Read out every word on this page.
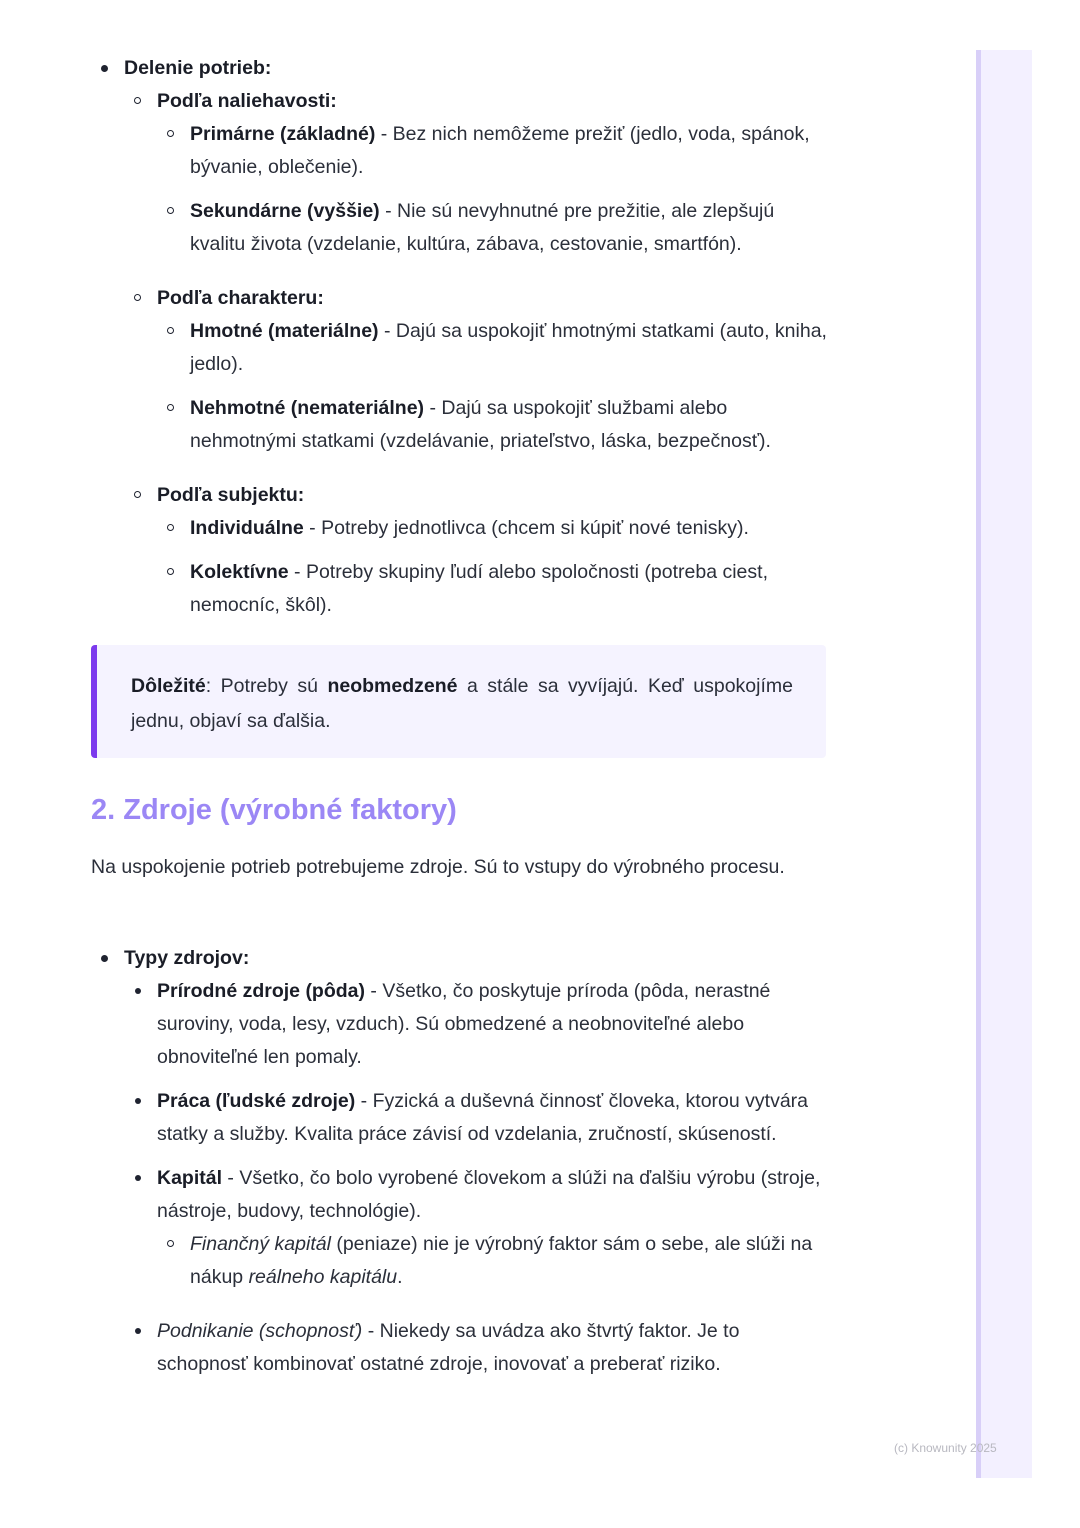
Delenie potrieb:
Podľa naliehavosti:
Primárne (základné) - Bez nich nemôžeme prežiť (jedlo, voda, spánok, bývanie, oblečenie).
Sekundárne (vyššie) - Nie sú nevyhnutné pre prežitie, ale zlepšujú kvalitu života (vzdelanie, kultúra, zábava, cestovanie, smartfón).
Podľa charakteru:
Hmotné (materiálne) - Dajú sa uspokojiť hmotnými statkami (auto, kniha, jedlo).
Nehmotné (nemateriálne) - Dajú sa uspokojiť službami alebo nehmotnými statkami (vzdelávanie, priateľstvo, láska, bezpečnosť).
Podľa subjektu:
Individuálne - Potreby jednotlivca (chcem si kúpiť nové tenisky).
Kolektívne - Potreby skupiny ľudí alebo spoločnosti (potreba ciest, nemocníc, škôl).
Dôležité: Potreby sú neobmedzené a stále sa vyvíjajú. Keď uspokojíme jednu, objaví sa ďalšia.
2. Zdroje (výrobné faktory)

Na uspokojenie potrieb potrebujeme zdroje. Sú to vstupy do výrobného procesu.

Typy zdrojov:
Prírodné zdroje (pôda) - Všetko, čo poskytuje príroda (pôda, nerastné suroviny, voda, lesy, vzduch). Sú obmedzené a neobnoviteľné alebo obnoviteľné len pomaly.
Práca (ľudské zdroje) - Fyzická a duševná činnosť človeka, ktorou vytvára statky a služby. Kvalita práce závisí od vzdelania, zručností, skúseností.
Kapitál - Všetko, čo bolo vyrobené človekom a slúži na ďalšiu výrobu (stroje, nástroje, budovy, technológie).
Finančný kapitál (peniaze) nie je výrobný faktor sám o sebe, ale slúži na nákup reálneho kapitálu.
Podnikanie (schopnosť) - Niekedy sa uvádza ako štvrtý faktor. Je to schopnosť kombinovať ostatné zdroje, inovovať a preberať riziko.
(c) Knowunity 2025
